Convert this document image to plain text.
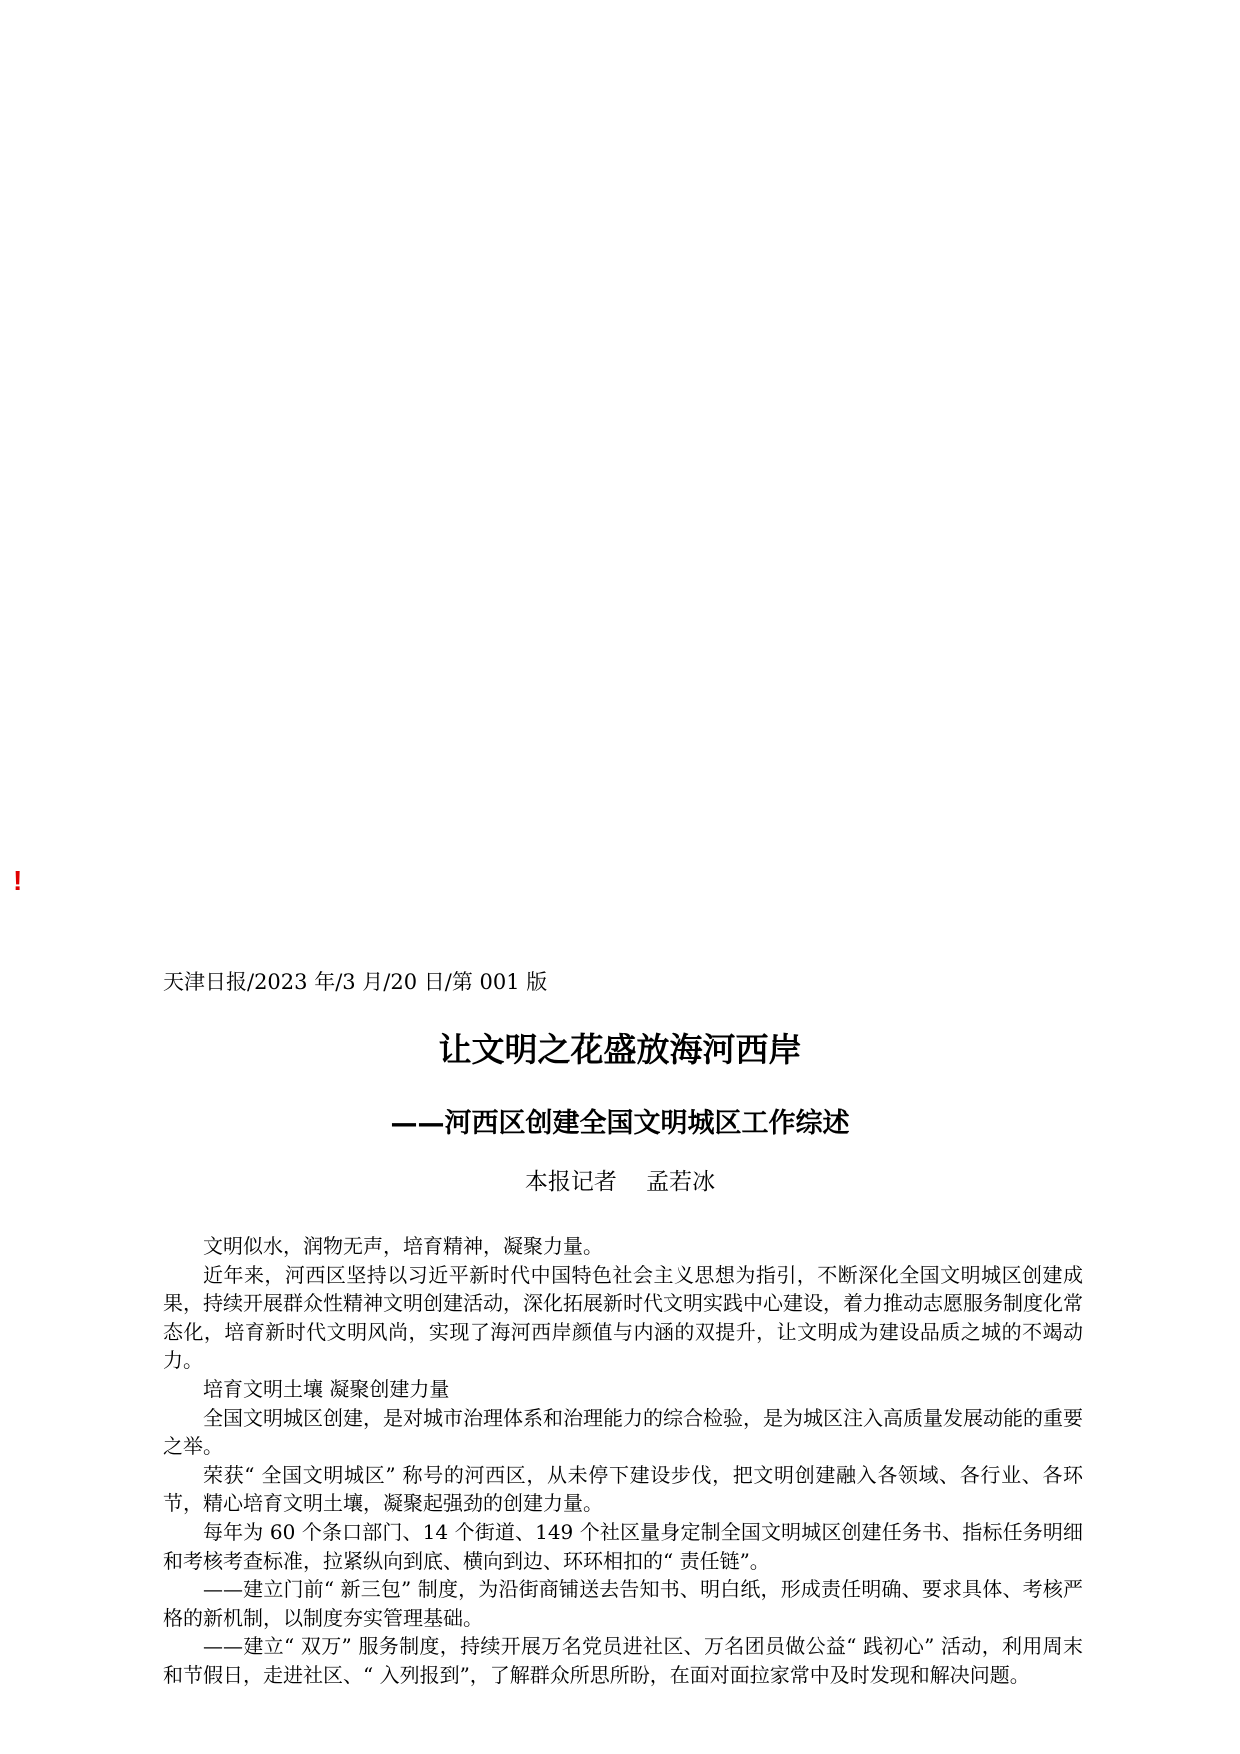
!
天津日报/2023 年/3 月/20 日/第 001 版
让文明之花盛放海河西岸
——河西区创建全国文明城区工作综述
本报记者    孟若冰

文明似水，润物无声，培育精神，凝聚力量。

近年来，河西区坚持以习近平新时代中国特色社会主义思想为指引，不断深化全国文明城区创建成果，持续开展群众性精神文明创建活动，深化拓展新时代文明实践中心建设，着力推动志愿服务制度化常态化，培育新时代文明风尚，实现了海河西岸颜值与内涵的双提升，让文明成为建设品质之城的不竭动力。

培育文明土壤 凝聚创建力量

全国文明城区创建，是对城市治理体系和治理能力的综合检验，是为城区注入高质量发展动能的重要之举。

荣获“ 全国文明城区” 称号的河西区，从未停下建设步伐，把文明创建融入各领域、各行业、各环节，精心培育文明土壤，凝聚起强劲的创建力量。

每年为 60 个条口部门、14 个街道、149 个社区量身定制全国文明城区创建任务书、指标任务明细和考核考查标准，拉紧纵向到底、横向到边、环环相扣的“ 责任链”。

——建立门前“ 新三包” 制度，为沿街商铺送去告知书、明白纸，形成责任明确、要求具体、考核严格的新机制，以制度夯实管理基础。

——建立“ 双万” 服务制度，持续开展万名党员进社区、万名团员做公益“ 践初心” 活动，利用周末和节假日，走进社区、“ 入列报到”，了解群众所思所盼，在面对面拉家常中及时发现和解决问题。
